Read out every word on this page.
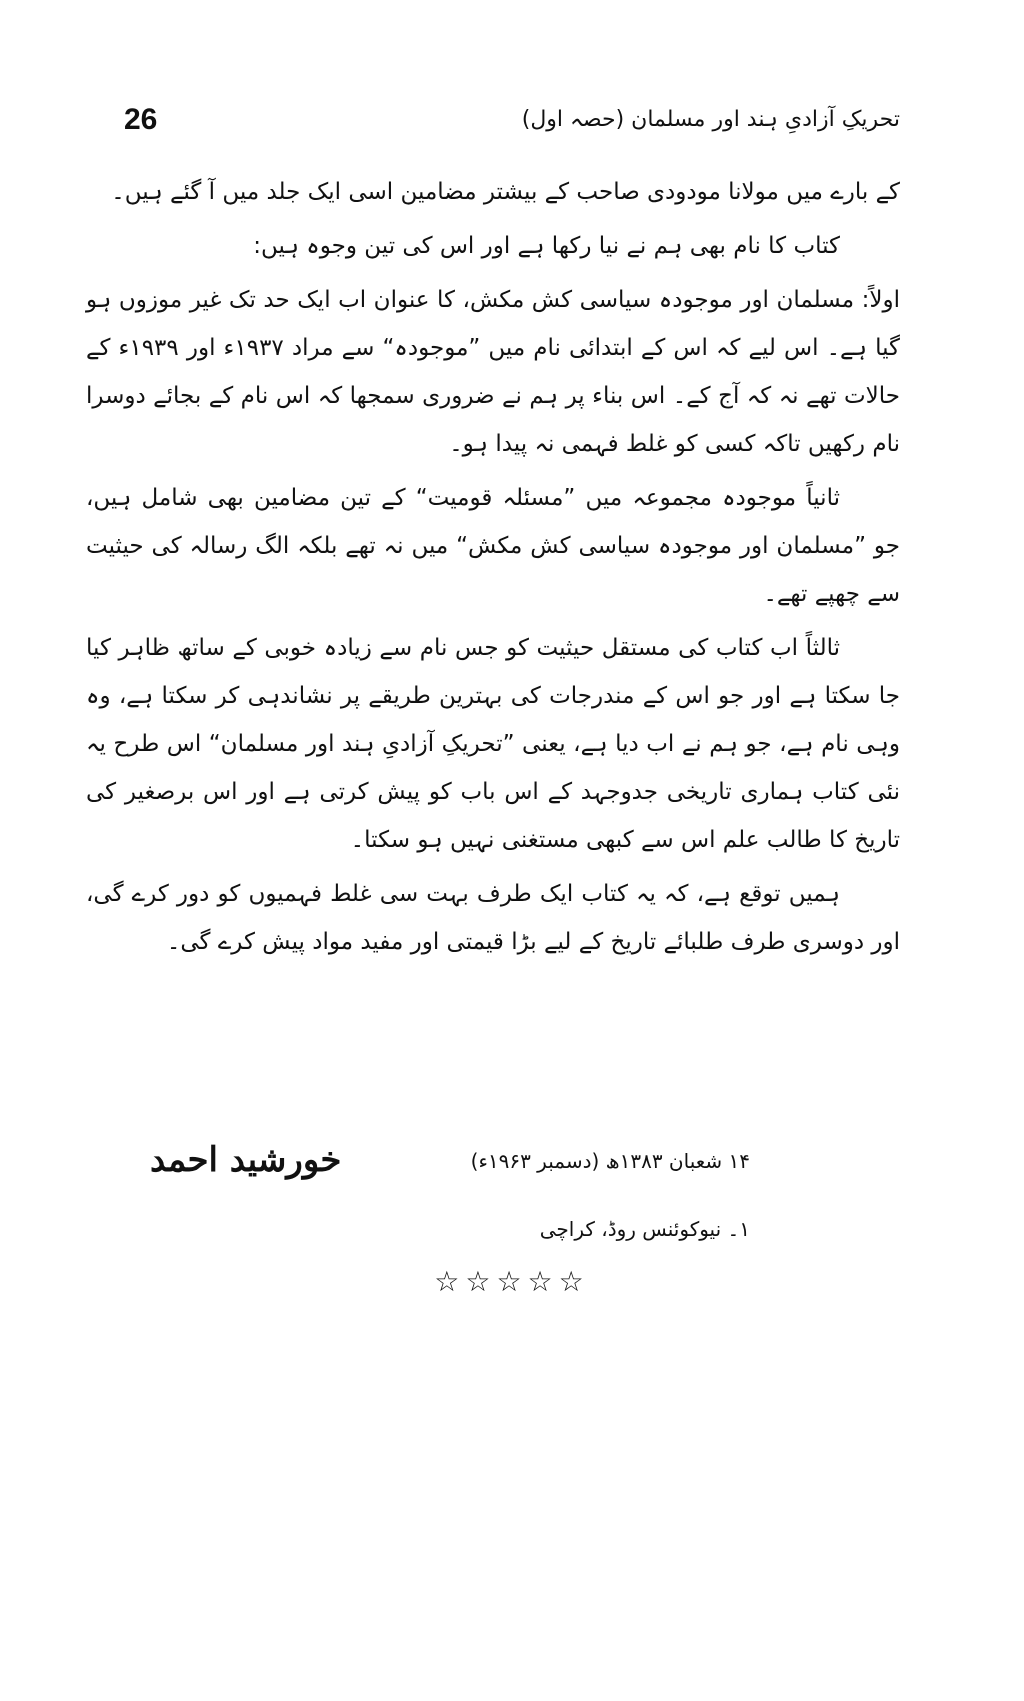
26	تحریکِ آزادیِ ہند اور مسلمان (حصہ اول)

کے بارے میں مولانا مودودی صاحب کے بیشتر مضامین اسی ایک جلد میں آ گئے ہیں۔

کتاب کا نام بھی ہم نے نیا رکھا ہے اور اس کی تین وجوہ ہیں:

اولاً: مسلمان اور موجودہ سیاسی کش مکش، کا عنوان اب ایک حد تک غیر موزوں ہو گیا ہے۔ اس لیے کہ اس کے ابتدائی نام میں ”موجودہ“ سے مراد ۱۹۳۷ء اور ۱۹۳۹ء کے حالات تھے نہ کہ آج کے۔ اس بناء پر ہم نے ضروری سمجھا کہ اس نام کے بجائے دوسرا نام رکھیں تاکہ کسی کو غلط فہمی نہ پیدا ہو۔

ثانیاً موجودہ مجموعہ میں ”مسئلہ قومیت“ کے تین مضامین بھی شامل ہیں، جو ”مسلمان اور موجودہ سیاسی کش مکش“ میں نہ تھے بلکہ الگ رسالہ کی حیثیت سے چھپے تھے۔

ثالثاً اب کتاب کی مستقل حیثیت کو جس نام سے زیادہ خوبی کے ساتھ ظاہر کیا جا سکتا ہے اور جو اس کے مندرجات کی بہترین طریقے پر نشاندہی کر سکتا ہے، وہ وہی نام ہے، جو ہم نے اب دیا ہے، یعنی ”تحریکِ آزادیِ ہند اور مسلمان“ اس طرح یہ نئی کتاب ہماری تاریخی جدوجہد کے اس باب کو پیش کرتی ہے اور اس برصغیر کی تاریخ کا طالب علم اس سے کبھی مستغنی نہیں ہو سکتا۔

ہمیں توقع ہے، کہ یہ کتاب ایک طرف بہت سی غلط فہمیوں کو دور کرے گی، اور دوسری طرف طلبائے تاریخ کے لیے بڑا قیمتی اور مفید مواد پیش کرے گی۔

خورشید احمد	۱۴ شعبان ۱۳۸۳ھ (دسمبر ۱۹۶۳ء)
۱۔ نیوکوئنس روڈ، کراچی
☆☆☆☆☆
